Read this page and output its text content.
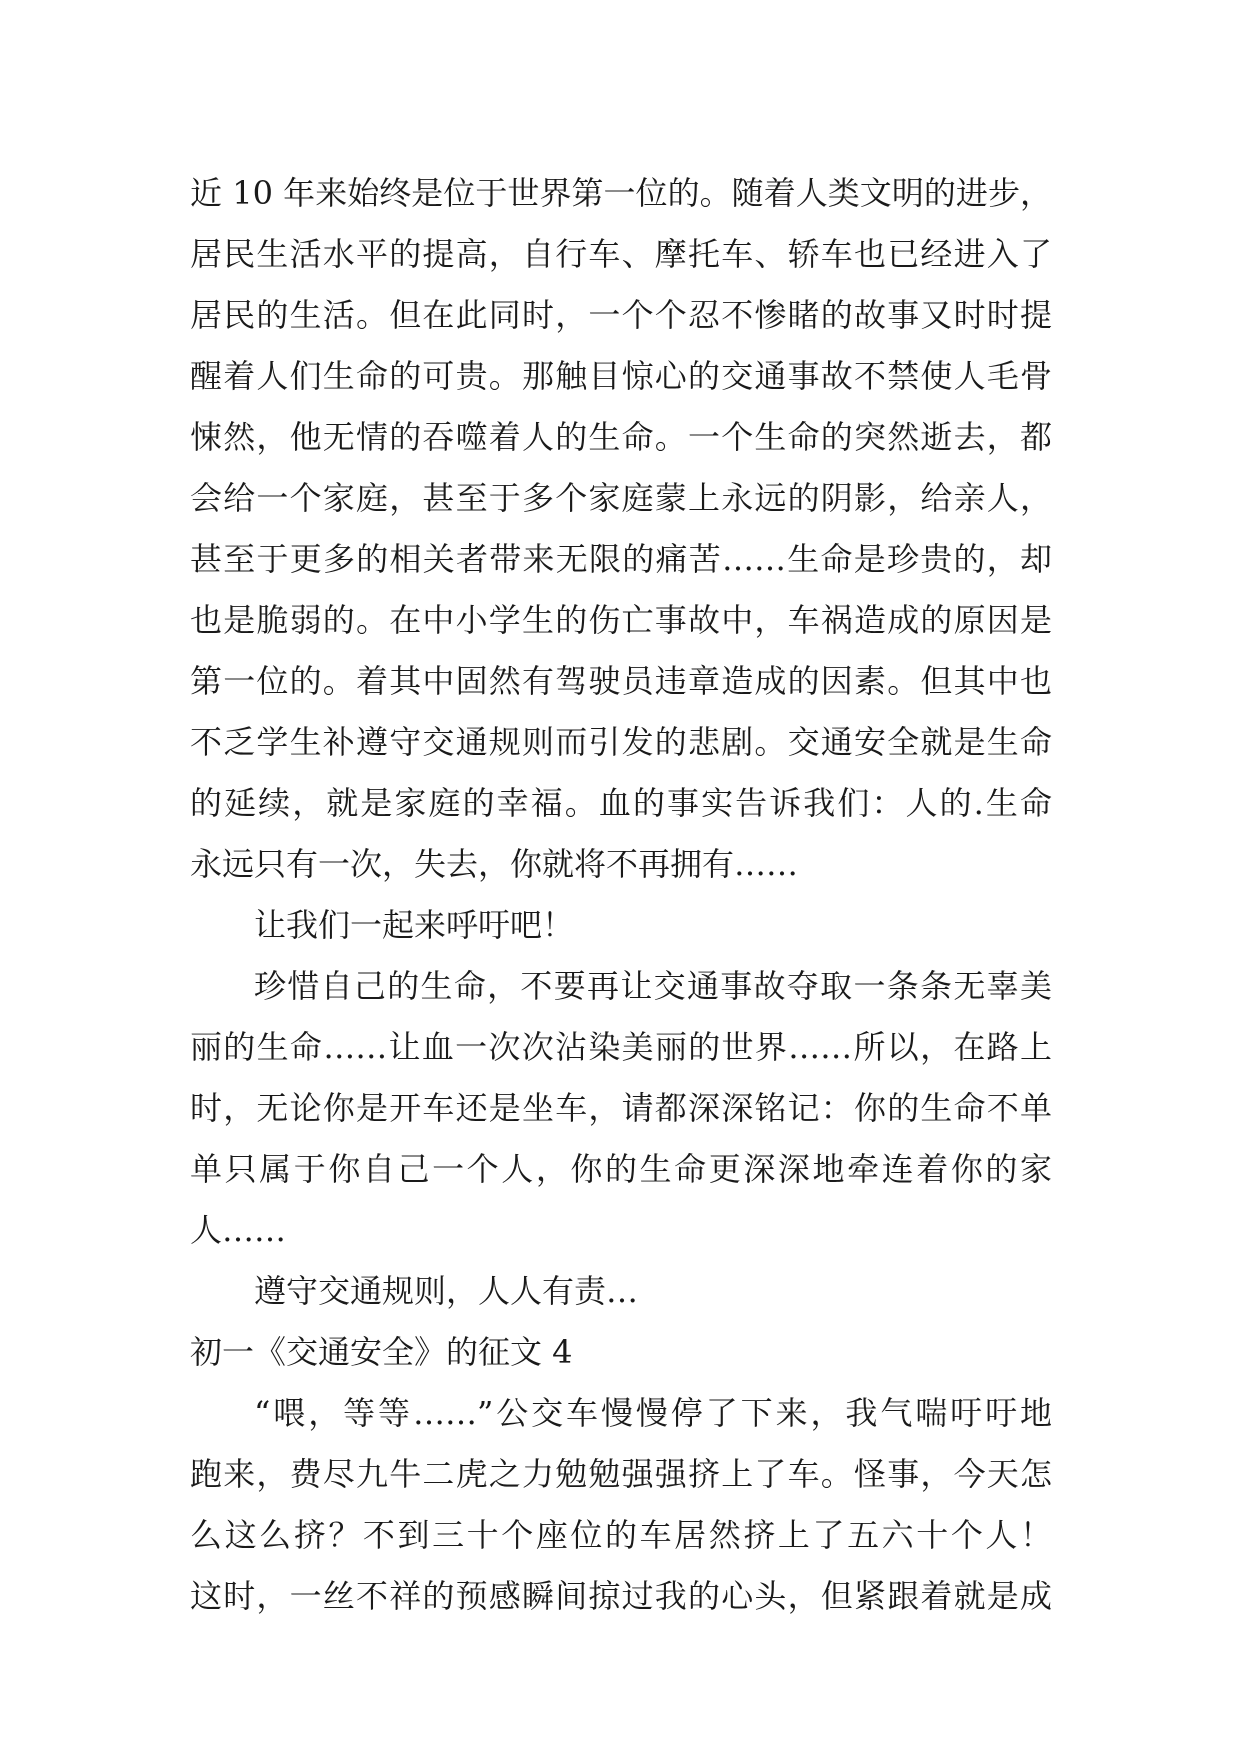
近 10 年来始终是位于世界第一位的。随着人类文明的进步，
居民生活水平的提高，自行车、摩托车、轿车也已经进入了
居民的生活。但在此同时，一个个忍不惨睹的故事又时时提
醒着人们生命的可贵。那触目惊心的交通事故不禁使人毛骨
悚然，他无情的吞噬着人的生命。一个生命的突然逝去，都
会给一个家庭，甚至于多个家庭蒙上永远的阴影，给亲人，
甚至于更多的相关者带来无限的痛苦……生命是珍贵的，却
也是脆弱的。在中小学生的伤亡事故中，车祸造成的原因是
第一位的。着其中固然有驾驶员违章造成的因素。但其中也
不乏学生补遵守交通规则而引发的悲剧。交通安全就是生命
的延续，就是家庭的幸福。血的事实告诉我们：人的.生命
永远只有一次，失去，你就将不再拥有……
让我们一起来呼吁吧！
珍惜自己的生命，不要再让交通事故夺取一条条无辜美
丽的生命……让血一次次沾染美丽的世界……所以，在路上
时，无论你是开车还是坐车，请都深深铭记：你的生命不单
单只属于你自己一个人，你的生命更深深地牵连着你的家
人……
遵守交通规则，人人有责…
初一《交通安全》的征文 4
“喂，等等……”公交车慢慢停了下来，我气喘吁吁地
跑来，费尽九牛二虎之力勉勉强强挤上了车。怪事，今天怎
么这么挤？不到三十个座位的车居然挤上了五六十个人！
这时，一丝不祥的预感瞬间掠过我的心头，但紧跟着就是成
